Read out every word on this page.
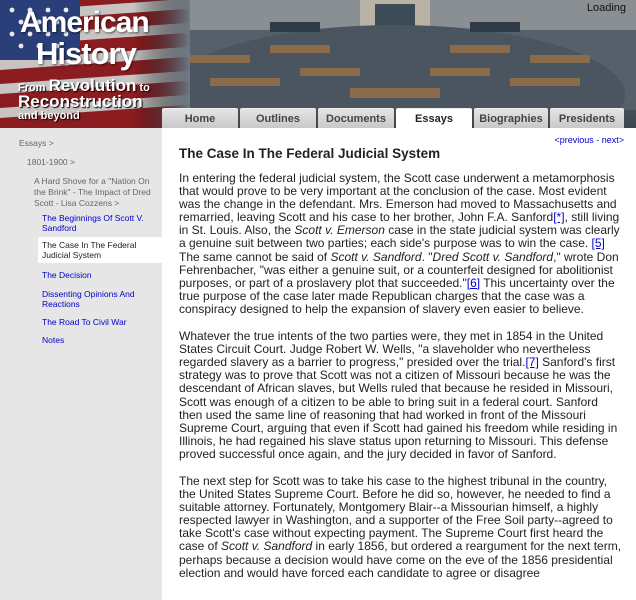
American
History
From Revolution to
Reconstruction
and beyond
Loading
Home	Outlines	Documents	Essays	Biographies	Presidents
Essays >
1801-1900 >
A Hard Shove for a "Nation On the Brink" - The Impact of Dred Scott - Lisa Cozzens >
The Beginnings Of Scott V. Sandford
The Case In The Federal Judicial System
The Decision
Dissenting Opinions And Reactions
The Road To Civil War
Notes
<previous - next>
The Case In The Federal Judicial System

In entering the federal judicial system, the Scott case underwent a metamorphosis that would prove to be very important at the conclusion of the case. Most evident was the change in the defendant. Mrs. Emerson had moved to Massachusetts and remarried, leaving Scott and his case to her brother, John F.A. Sanford[*], still living in St. Louis. Also, the Scott v. Emerson case in the state judicial system was clearly a genuine suit between two parties; each side's purpose was to win the case. [5] The same cannot be said of Scott v. Sandford. "Dred Scott v. Sandford," wrote Don Fehrenbacher, "was either a genuine suit, or a counterfeit designed for abolitionist purposes, or part of a proslavery plot that succeeded."[6] This uncertainty over the true purpose of the case later made Republican charges that the case was a conspiracy designed to help the expansion of slavery even easier to believe.

Whatever the true intents of the two parties were, they met in 1854 in the United States Circuit Court. Judge Robert W. Wells, "a slaveholder who nevertheless regarded slavery as a barrier to progress," presided over the trial.[7] Sanford's first strategy was to prove that Scott was not a citizen of Missouri because he was the descendant of African slaves, but Wells ruled that because he resided in Missouri, Scott was enough of a citizen to be able to bring suit in a federal court. Sanford then used the same line of reasoning that had worked in front of the Missouri Supreme Court, arguing that even if Scott had gained his freedom while residing in Illinois, he had regained his slave status upon returning to Missouri. This defense proved successful once again, and the jury decided in favor of Sanford.

The next step for Scott was to take his case to the highest tribunal in the country, the United States Supreme Court. Before he did so, however, he needed to find a suitable attorney. Fortunately, Montgomery Blair--a Missourian himself, a highly respected lawyer in Washington, and a supporter of the Free Soil party--agreed to take Scott's case without expecting payment. The Supreme Court first heard the case of Scott v. Sandford in early 1856, but ordered a reargument for the next term, perhaps because a decision would have come on the eve of the 1856 presidential election and would have forced each candidate to agree or disagree
